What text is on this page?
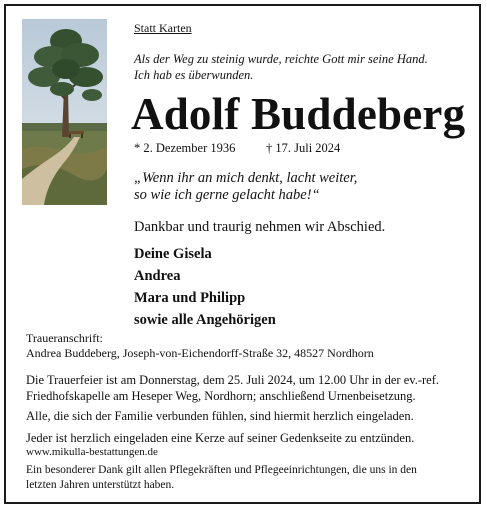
Statt Karten
Als der Weg zu steinig wurde, reichte Gott mir seine Hand.
Ich hab es überwunden.
Adolf Buddeberg
* 2. Dezember 1936 † 17. Juli 2024
„Wenn ihr an mich denkt, lacht weiter,
so wie ich gerne gelacht habe!“
Dankbar und traurig nehmen wir Abschied.
Deine Gisela
Andrea
Mara und Philipp
sowie alle Angehörigen
Traueranschrift:
Andrea Buddeberg, Joseph-von-Eichendorff-Straße 32, 48527 Nordhorn
Die Trauerfeier ist am Donnerstag, dem 25. Juli 2024, um 12.00 Uhr in der ev.-ref.
Friedhofskapelle am Heseper Weg, Nordhorn; anschließend Urnenbeisetzung.
Alle, die sich der Familie verbunden fühlen, sind hiermit herzlich eingeladen.
Jeder ist herzlich eingeladen eine Kerze auf seiner Gedenkseite zu entzünden.
www.mikulla-bestattungen.de
Ein besonderer Dank gilt allen Pflegekräften und Pflegeeinrichtungen, die uns in den
letzten Jahren unterstützt haben.
